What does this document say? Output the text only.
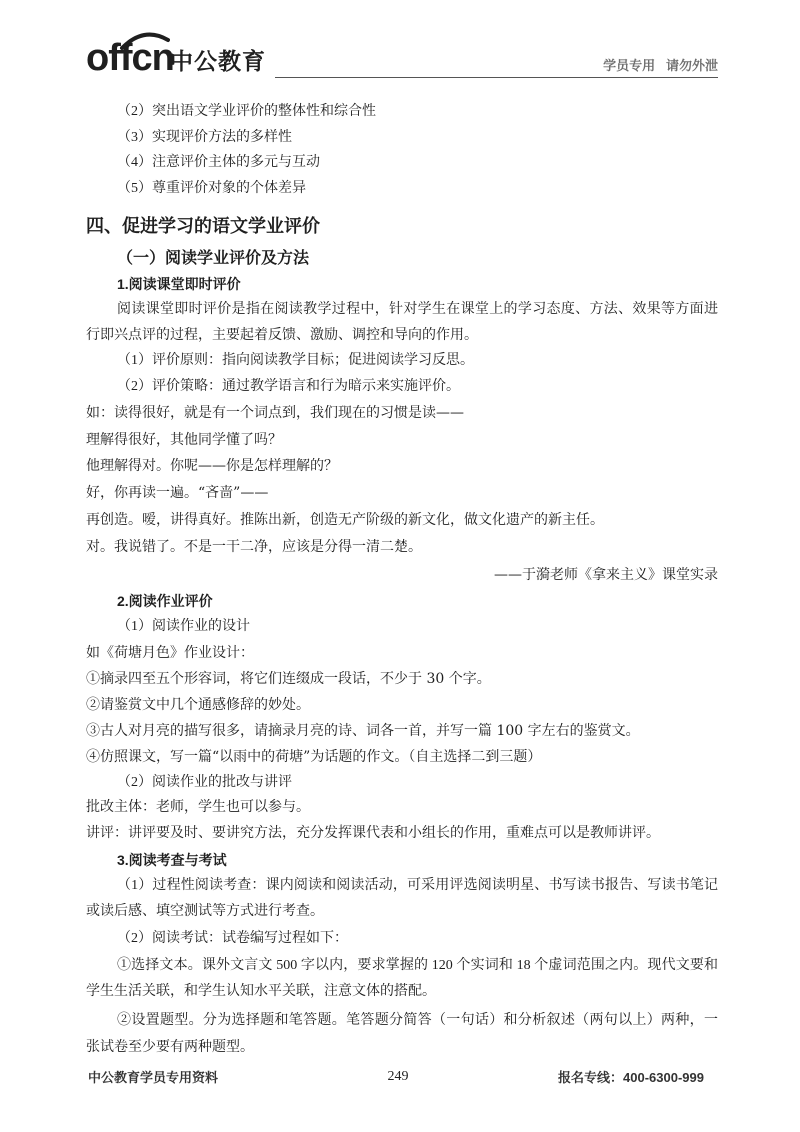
offcn
中公教育	学员专用   请勿外泄
（2）突出语文学业评价的整体性和综合性
（3）实现评价方法的多样性
（4）注意评价主体的多元与互动
（5）尊重评价对象的个体差异
四、促进学习的语文学业评价
（一）阅读学业评价及方法
1.阅读课堂即时评价
阅读课堂即时评价是指在阅读教学过程中，针对学生在课堂上的学习态度、方法、效果等方面进行即兴点评的过程，主要起着反馈、激励、调控和导向的作用。
（1）评价原则：指向阅读教学目标；促进阅读学习反思。
（2）评价策略：通过教学语言和行为暗示来实施评价。
如：读得很好，就是有一个词点到，我们现在的习惯是读——
理解得很好，其他同学懂了吗？
他理解得对。你呢——你是怎样理解的？
好，你再读一遍。“吝啬”——
再创造。嗳，讲得真好。推陈出新，创造无产阶级的新文化，做文化遗产的新主任。
对。我说错了。不是一干二净，应该是分得一清二楚。
——于漪老师《拿来主义》课堂实录
2.阅读作业评价
（1）阅读作业的设计
如《荷塘月色》作业设计：
①摘录四至五个形容词，将它们连缀成一段话，不少于 30 个字。
②请鉴赏文中几个通感修辞的妙处。
③古人对月亮的描写很多，请摘录月亮的诗、词各一首，并写一篇 100 字左右的鉴赏文。
④仿照课文，写一篇“以雨中的荷塘”为话题的作文。（自主选择二到三题）
（2）阅读作业的批改与讲评
批改主体：老师，学生也可以参与。
讲评：讲评要及时、要讲究方法，充分发挥课代表和小组长的作用，重难点可以是教师讲评。
3.阅读考查与考试
（1）过程性阅读考查：课内阅读和阅读活动，可采用评选阅读明星、书写读书报告、写读书笔记或读后感、填空测试等方式进行考查。
（2）阅读考试：试卷编写过程如下：
①选择文本。课外文言文 500 字以内，要求掌握的 120 个实词和 18 个虚词范围之内。现代文要和学生生活关联，和学生认知水平关联，注意文体的搭配。
②设置题型。分为选择题和笔答题。笔答题分简答（一句话）和分析叙述（两句以上）两种，一张试卷至少要有两种题型。
中公教育学员专用资料	249	报名专线：400-6300-999
